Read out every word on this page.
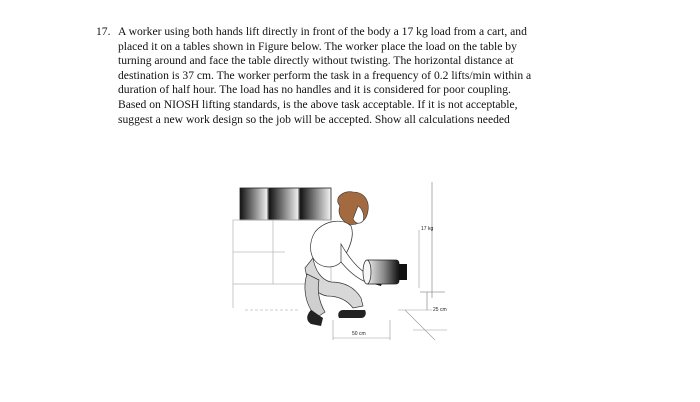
17. A worker using both hands lift directly in front of the body a 17 kg load from a cart, and
placed it on a tables shown in Figure below. The worker place the load on the table by
turning around and face the table directly without twisting. The horizontal distance at
destination is 37 cm. The worker perform the task in a frequency of 0.2 lifts/min within a
duration of half hour. The load has no handles and it is considered for poor coupling.
Based on NIOSH lifting standards, is the above task acceptable. If it is not acceptable,
suggest a new work design so the job will be accepted. Show all calculations needed
17 kg
25 cm
50 cm
